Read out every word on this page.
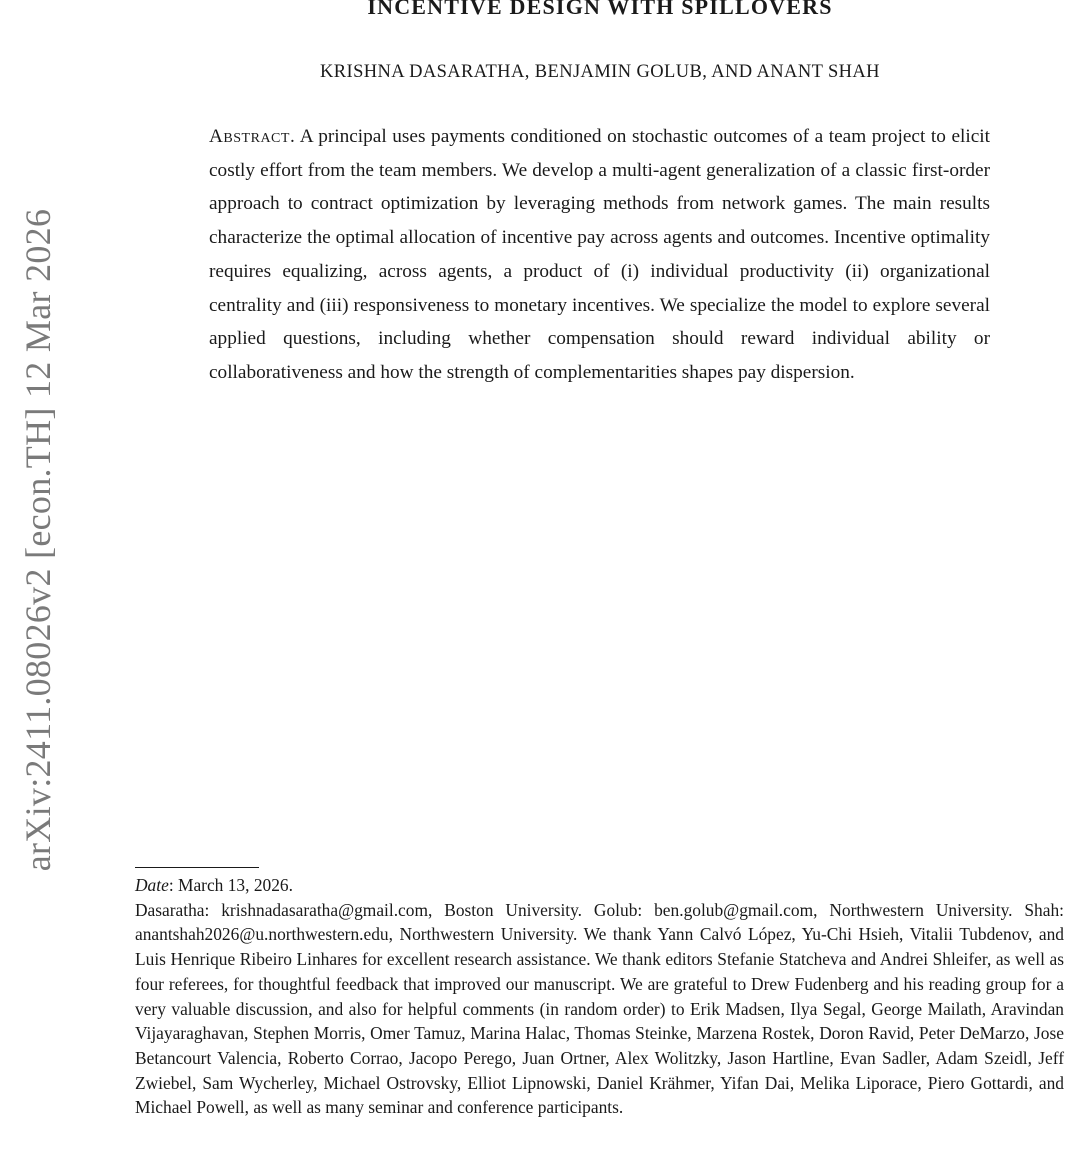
INCENTIVE DESIGN WITH SPILLOVERS
KRISHNA DASARATHA, BENJAMIN GOLUB, AND ANANT SHAH
Abstract. A principal uses payments conditioned on stochastic outcomes of a team project to elicit costly effort from the team members. We develop a multi-agent generalization of a classic first-order approach to contract optimization by leveraging methods from network games. The main results characterize the optimal allocation of incentive pay across agents and outcomes. Incentive optimality requires equalizing, across agents, a product of (i) individual productivity (ii) organizational centrality and (iii) responsiveness to monetary incentives. We specialize the model to explore several applied questions, including whether compensation should reward individual ability or collaborativeness and how the strength of complementarities shapes pay dispersion.
arXiv:2411.08026v2 [econ.TH] 12 Mar 2026

Date: March 13, 2026.

Dasaratha: krishnadasaratha@gmail.com, Boston University. Golub: ben.golub@gmail.com, Northwestern University. Shah: anantshah2026@u.northwestern.edu, Northwestern University. We thank Yann Calvó López, Yu-Chi Hsieh, Vitalii Tubdenov, and Luis Henrique Ribeiro Linhares for excellent research assistance. We thank editors Stefanie Statcheva and Andrei Shleifer, as well as four referees, for thoughtful feedback that improved our manuscript. We are grateful to Drew Fudenberg and his reading group for a very valuable discussion, and also for helpful comments (in random order) to Erik Madsen, Ilya Segal, George Mailath, Aravindan Vijayaraghavan, Stephen Morris, Omer Tamuz, Marina Halac, Thomas Steinke, Marzena Rostek, Doron Ravid, Peter DeMarzo, Jose Betancourt Valencia, Roberto Corrao, Jacopo Perego, Juan Ortner, Alex Wolitzky, Jason Hartline, Evan Sadler, Adam Szeidl, Jeff Zwiebel, Sam Wycherley, Michael Ostrovsky, Elliot Lipnowski, Daniel Krähmer, Yifan Dai, Melika Liporace, Piero Gottardi, and Michael Powell, as well as many seminar and conference participants.
